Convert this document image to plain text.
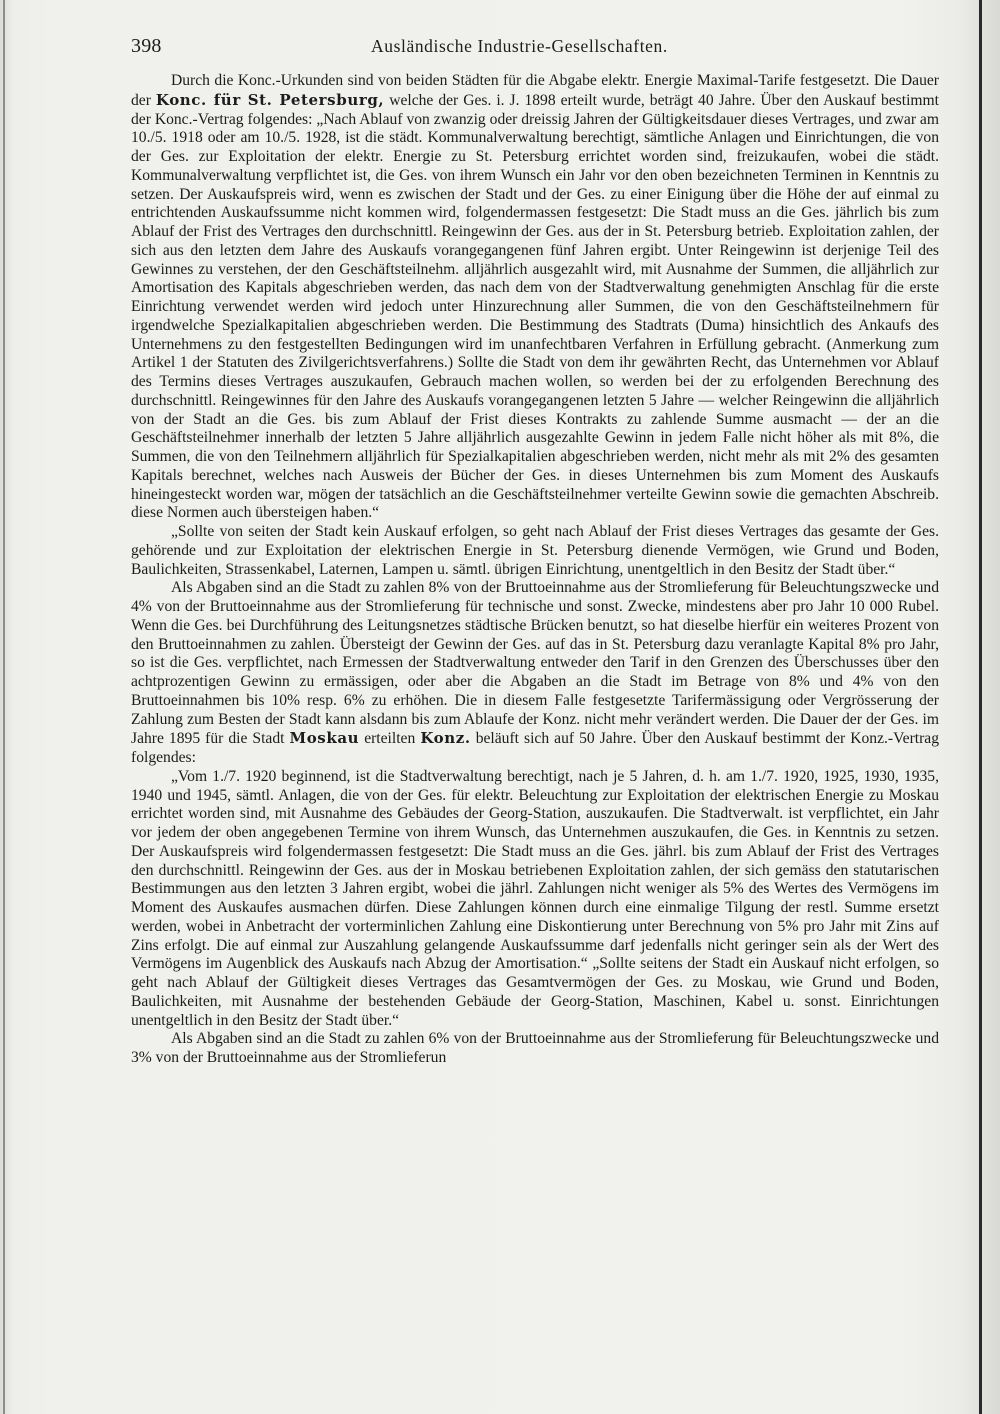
398	Ausländische Industrie-Gesellschaften.

Durch die Konc.-Urkunden sind von beiden Städten für die Abgabe elektr. Energie Maximal-Tarife festgesetzt. Die Dauer der Konc. für St. Petersburg, welche der Ges. i. J. 1898 erteilt wurde, beträgt 40 Jahre. Über den Auskauf bestimmt der Konc.-Vertrag folgendes: „Nach Ablauf von zwanzig oder dreissig Jahren der Gültigkeitsdauer dieses Vertrages, und zwar am 10./5. 1918 oder am 10./5. 1928, ist die städt. Kommunalverwaltung berechtigt, sämtliche Anlagen und Einrichtungen, die von der Ges. zur Exploitation der elektr. Energie zu St. Petersburg errichtet worden sind, freizukaufen, wobei die städt. Kommunalverwaltung verpflichtet ist, die Ges. von ihrem Wunsch ein Jahr vor den oben bezeichneten Terminen in Kenntnis zu setzen. Der Auskaufspreis wird, wenn es zwischen der Stadt und der Ges. zu einer Einigung über die Höhe der auf einmal zu entrichtenden Auskaufssumme nicht kommen wird, folgendermassen festgesetzt: Die Stadt muss an die Ges. jährlich bis zum Ablauf der Frist des Vertrages den durchschnittl. Reingewinn der Ges. aus der in St. Petersburg betrieb. Exploitation zahlen, der sich aus den letzten dem Jahre des Auskaufs vorangegangenen fünf Jahren ergibt. Unter Reingewinn ist derjenige Teil des Gewinnes zu verstehen, der den Geschäftsteilnehm. alljährlich ausgezahlt wird, mit Ausnahme der Summen, die alljährlich zur Amortisation des Kapitals abgeschrieben werden, das nach dem von der Stadtverwaltung genehmigten Anschlag für die erste Einrichtung verwendet werden wird jedoch unter Hinzurechnung aller Summen, die von den Geschäftsteilnehmern für irgendwelche Spezialkapitalien abgeschrieben werden. Die Bestimmung des Stadtrats (Duma) hinsichtlich des Ankaufs des Unternehmens zu den festgestellten Bedingungen wird im unanfechtbaren Verfahren in Erfüllung gebracht. (Anmerkung zum Artikel 1 der Statuten des Zivilgerichtsverfahrens.) Sollte die Stadt von dem ihr gewährten Recht, das Unternehmen vor Ablauf des Termins dieses Vertrages auszukaufen, Gebrauch machen wollen, so werden bei der zu erfolgenden Berechnung des durchschnittl. Reingewinnes für den Jahre des Auskaufs vorangegangenen letzten 5 Jahre — welcher Reingewinn die alljährlich von der Stadt an die Ges. bis zum Ablauf der Frist dieses Kontrakts zu zahlende Summe ausmacht — der an die Geschäftsteilnehmer innerhalb der letzten 5 Jahre alljährlich ausgezahlte Gewinn in jedem Falle nicht höher als mit 8%, die Summen, die von den Teilnehmern alljährlich für Spezialkapitalien abgeschrieben werden, nicht mehr als mit 2% des gesamten Kapitals berechnet, welches nach Ausweis der Bücher der Ges. in dieses Unternehmen bis zum Moment des Auskaufs hineingesteckt worden war, mögen der tatsächlich an die Geschäftsteilnehmer verteilte Gewinn sowie die gemachten Abschreib. diese Normen auch übersteigen haben.“

„Sollte von seiten der Stadt kein Auskauf erfolgen, so geht nach Ablauf der Frist dieses Vertrages das gesamte der Ges. gehörende und zur Exploitation der elektrischen Energie in St. Petersburg dienende Vermögen, wie Grund und Boden, Baulichkeiten, Strassenkabel, Laternen, Lampen u. sämtl. übrigen Einrichtung, unentgeltlich in den Besitz der Stadt über.“

Als Abgaben sind an die Stadt zu zahlen 8% von der Bruttoeinnahme aus der Stromlieferung für Beleuchtungszwecke und 4% von der Bruttoeinnahme aus der Stromlieferung für technische und sonst. Zwecke, mindestens aber pro Jahr 10 000 Rubel. Wenn die Ges. bei Durchführung des Leitungsnetzes städtische Brücken benutzt, so hat dieselbe hierfür ein weiteres Prozent von den Bruttoeinnahmen zu zahlen. Übersteigt der Gewinn der Ges. auf das in St. Petersburg dazu veranlagte Kapital 8% pro Jahr, so ist die Ges. verpflichtet, nach Ermessen der Stadtverwaltung entweder den Tarif in den Grenzen des Überschusses über den achtprozentigen Gewinn zu ermässigen, oder aber die Abgaben an die Stadt im Betrage von 8% und 4% von den Bruttoeinnahmen bis 10% resp. 6% zu erhöhen. Die in diesem Falle festgesetzte Tarifermässigung oder Vergrösserung der Zahlung zum Besten der Stadt kann alsdann bis zum Ablaufe der Konz. nicht mehr verändert werden. Die Dauer der der Ges. im Jahre 1895 für die Stadt Moskau erteilten Konz. beläuft sich auf 50 Jahre. Über den Auskauf bestimmt der Konz.-Vertrag folgendes:

„Vom 1./7. 1920 beginnend, ist die Stadtverwaltung berechtigt, nach je 5 Jahren, d. h. am 1./7. 1920, 1925, 1930, 1935, 1940 und 1945, sämtl. Anlagen, die von der Ges. für elektr. Beleuchtung zur Exploitation der elektrischen Energie zu Moskau errichtet worden sind, mit Ausnahme des Gebäudes der Georg-Station, auszukaufen. Die Stadtverwalt. ist verpflichtet, ein Jahr vor jedem der oben angegebenen Termine von ihrem Wunsch, das Unternehmen auszukaufen, die Ges. in Kenntnis zu setzen. Der Auskaufspreis wird folgendermassen festgesetzt: Die Stadt muss an die Ges. jährl. bis zum Ablauf der Frist des Vertrages den durchschnittl. Reingewinn der Ges. aus der in Moskau betriebenen Exploitation zahlen, der sich gemäss den statutarischen Bestimmungen aus den letzten 3 Jahren ergibt, wobei die jährl. Zahlungen nicht weniger als 5% des Wertes des Vermögens im Moment des Auskaufes ausmachen dürfen. Diese Zahlungen können durch eine einmalige Tilgung der restl. Summe ersetzt werden, wobei in Anbetracht der vorterminlichen Zahlung eine Diskontierung unter Berechnung von 5% pro Jahr mit Zins auf Zins erfolgt. Die auf einmal zur Auszahlung gelangende Auskaufssumme darf jedenfalls nicht geringer sein als der Wert des Vermögens im Augenblick des Auskaufs nach Abzug der Amortisation.“ „Sollte seitens der Stadt ein Auskauf nicht erfolgen, so geht nach Ablauf der Gültigkeit dieses Vertrages das Gesamtvermögen der Ges. zu Moskau, wie Grund und Boden, Baulichkeiten, mit Ausnahme der bestehenden Gebäude der Georg-Station, Maschinen, Kabel u. sonst. Einrichtungen unentgeltlich in den Besitz der Stadt über.“

Als Abgaben sind an die Stadt zu zahlen 6% von der Bruttoeinnahme aus der Stromlieferung für Beleuchtungszwecke und 3% von der Bruttoeinnahme aus der Stromlieferun
